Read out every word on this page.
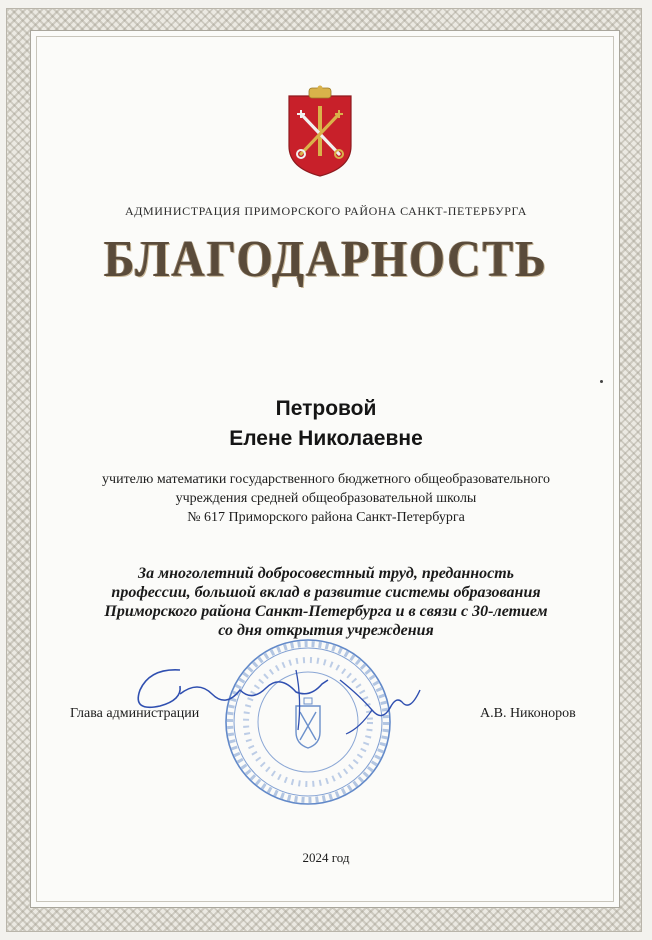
АДМИНИСТРАЦИЯ ПРИМОРСКОГО РАЙОНА САНКТ-ПЕТЕРБУРГА
БЛАГОДАРНОСТЬ
Петровой
Елене Николаевне
учителю математики государственного бюджетного общеобразовательного
учреждения средней общеобразовательной школы
№ 617 Приморского района Санкт-Петербурга
За многолетний добросовестный труд, преданность
профессии, большой вклад в развитие системы образования
Приморского района Санкт-Петербурга и в связи с 30-летием
со дня открытия учреждения
Глава администрации	А.В. Никоноров
2024 год
